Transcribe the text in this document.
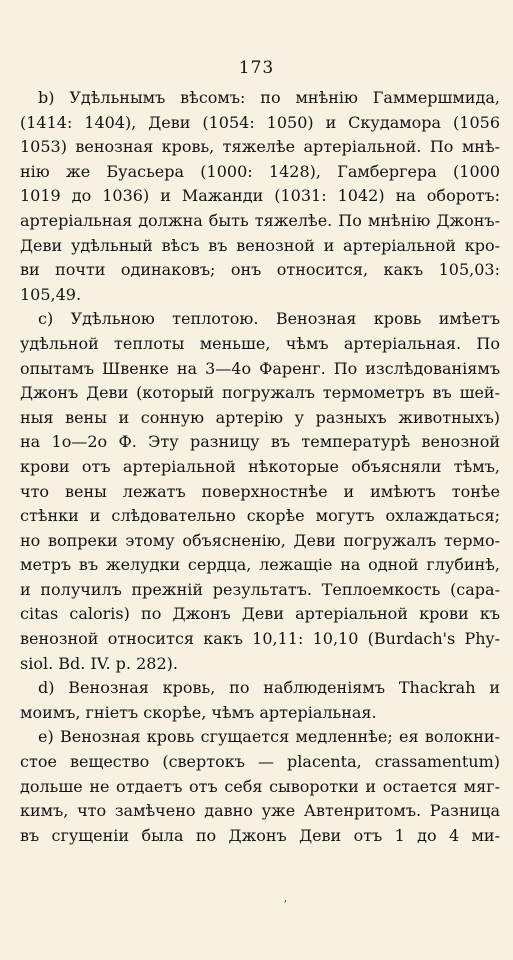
173
b) Удѣльнымъ вѣсомъ: по мнѣнію Гаммершмида,
(1414: 1404), Деви (1054: 1050) и Скудамора (1056
1053) венозная кровь, тяжелѣе артеріальной. По мнѣ-
нію же Буасьера (1000: 1428), Гамбергера (1000
1019 до 1036) и Мажанди (1031: 1042) на оборотъ:
артеріальная должна быть тяжелѣе. По мнѣнію Джонъ-
Деви удѣльный вѣсъ въ венозной и артеріальной кро-
ви почти одинаковъ; онъ относится, какъ 105,03:
105,49.
с) Удѣльною теплотою. Венозная кровь имѣетъ
удѣльной теплоты меньше, чѣмъ артеріальная. По
опытамъ Швенке на 3—4o Фаренг. По изслѣдованіямъ
Джонъ Деви (который погружалъ термометръ въ шей-
ныя вены и сонную артерію у разныхъ животныхъ)
на 1o—2o Ф. Эту разницу въ температурѣ венозной
крови отъ артеріальной нѣкоторые объясняли тѣмъ,
что вены лежатъ поверхностнѣе и имѣютъ тонѣе
стѣнки и слѣдовательно скорѣе могутъ охлаждаться;
но вопреки этому объясненію, Деви погружалъ термо-
метръ въ желудки сердца, лежащіе на одной глубинѣ,
и получилъ прежній результатъ. Теплоемкость (capa-
citas caloris) по Джонъ Деви артеріальной крови къ
венозной относится какъ 10,11: 10,10 (Burdach's Phy-
siol. Bd. IV. p. 282).
d) Венозная кровь, по наблюденіямъ Thackrah и
моимъ, гніетъ скорѣе, чѣмъ артеріальная.
e) Венозная кровь сгущается медленнѣе; ея волокни-
стое вещество (свертокъ — placenta, crassamentum)
дольше не отдаетъ отъ себя сыворотки и остается мяг-
кимъ, что замѣчено давно уже Автенритомъ. Разница
въ сгущеніи была по Джонъ Деви отъ 1 до 4 ми-
ʼ
